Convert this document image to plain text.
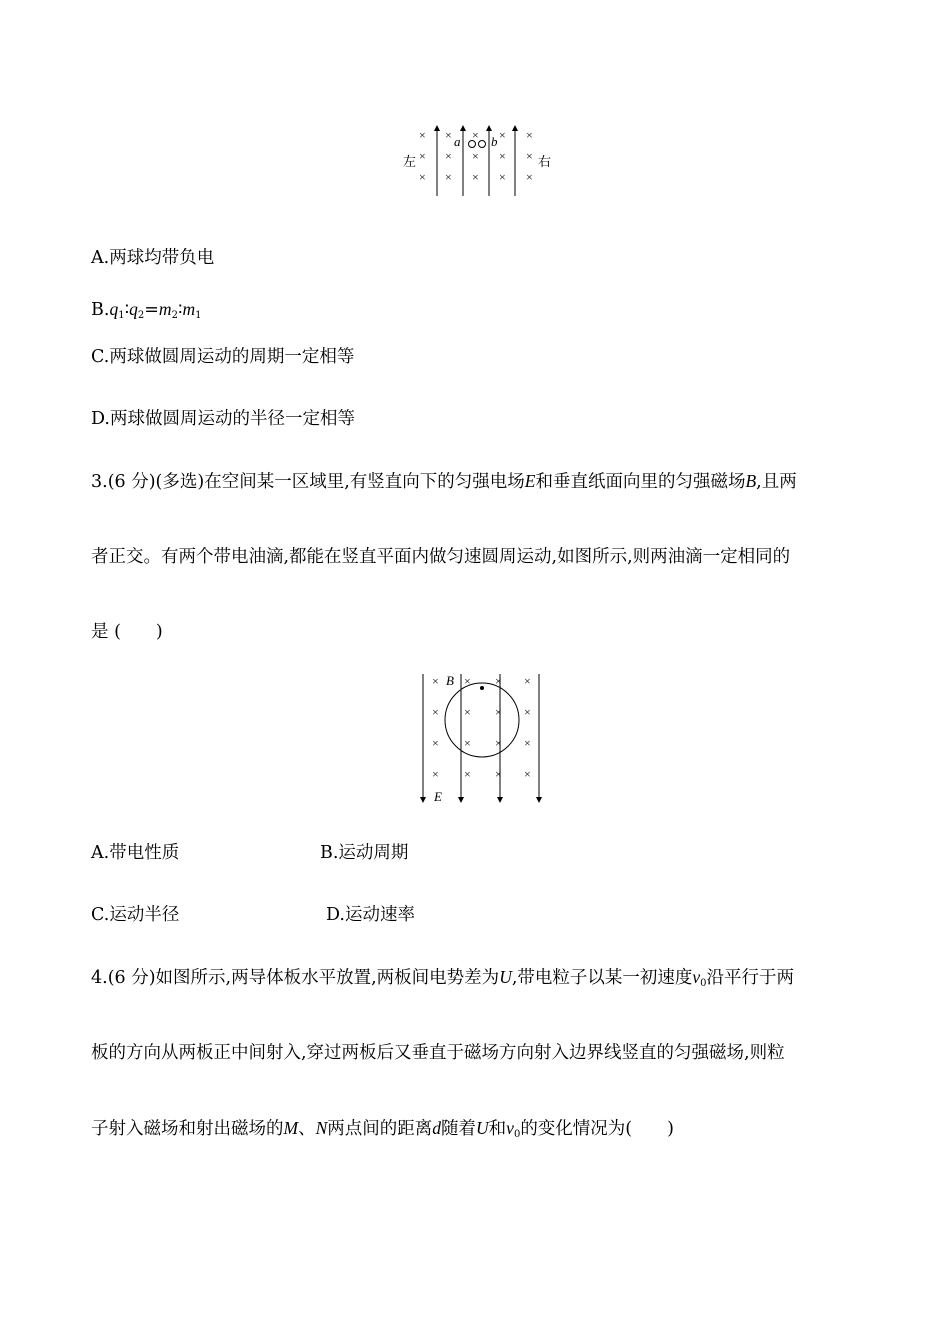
× × × × ×
× × × × ×
× × × × ×
a b
左	右

A.两球均带负电

$B.q_1∶q_2=m_2∶m_1$

C.两球做圆周运动的周期一定相等

D.两球做圆周运动的半径一定相等

3.(6 分)(多选)在空间某一区域里,有竖直向下的匀强电场E和垂直纸面向里的匀强磁场B,且两

者正交。有两个带电油滴,都能在竖直平面内做匀速圆周运动,如图所示,则两油滴一定相同的

是 (　　)

× × × ×
× × × ×
× × × ×
× × × ×
B
E

A.带电性质	B.运动周期

C.运动半径	D.运动速率

4.(6 分)如图所示,两导体板水平放置,两板间电势差为U,带电粒子以某一初速度$v_0$沿平行于两

板的方向从两板正中间射入,穿过两板后又垂直于磁场方向射入边界线竖直的匀强磁场,则粒

子射入磁场和射出磁场的M、N两点间的距离d随着U和$v_0$的变化情况为(　　)
